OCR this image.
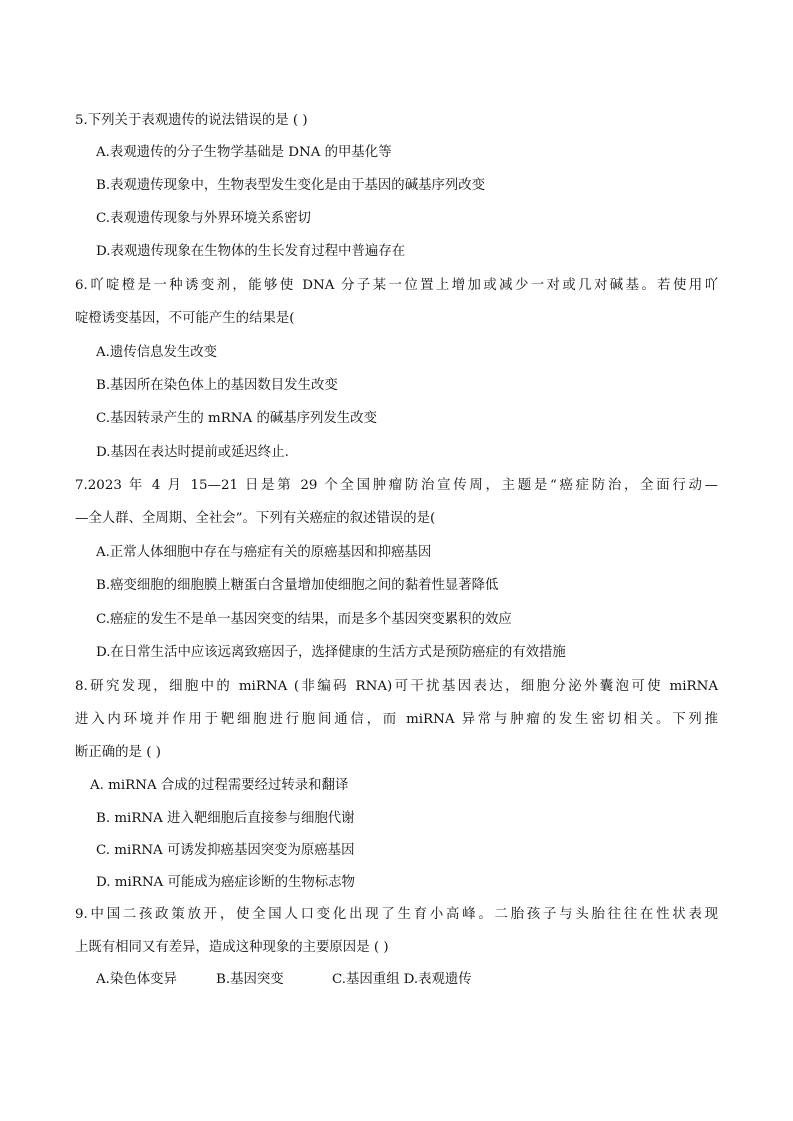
5.下列关于表观遗传的说法错误的是 ( )
A.表观遗传的分子生物学基础是 DNA 的甲基化等
B.表观遗传现象中，生物表型发生变化是由于基因的碱基序列改变
C.表观遗传现象与外界环境关系密切
D.表观遗传现象在生物体的生长发育过程中普遍存在
6.吖啶橙是一种诱变剂，能够使 DNA 分子某一位置上增加或减少一对或几对碱基。若使用吖
啶橙诱变基因，不可能产生的结果是(
A.遗传信息发生改变
B.基因所在染色体上的基因数目发生改变
C.基因转录产生的 mRNA 的碱基序列发生改变
D.基因在表达时提前或延迟终止.
7.2023 年 4 月 15—21 日是第 29 个全国肿瘤防治宣传周，主题是“癌症防治，全面行动—
—全人群、全周期、全社会”。下列有关癌症的叙述错误的是(
A.正常人体细胞中存在与癌症有关的原癌基因和抑癌基因
B.癌变细胞的细胞膜上糖蛋白含量增加使细胞之间的黏着性显著降低
C.癌症的发生不是单一基因突变的结果，而是多个基因突变累积的效应
D.在日常生活中应该远离致癌因子，选择健康的生活方式是预防癌症的有效措施
8.研究发现，细胞中的 miRNA (非编码 RNA)可干扰基因表达，细胞分泌外囊泡可使 miRNA
进入内环境并作用于靶细胞进行胞间通信，而 miRNA 异常与肿瘤的发生密切相关。下列推
断正确的是 ( )
A. miRNA 合成的过程需要经过转录和翻译
B. miRNA 进入靶细胞后直接参与细胞代谢
C. miRNA 可诱发抑癌基因突变为原癌基因
D. miRNA 可能成为癌症诊断的生物标志物
9.中国二孩政策放开，使全国人口变化出现了生育小高峰。二胎孩子与头胎往往在性状表现
上既有相同又有差异，造成这种现象的主要原因是 ( )
A.染色体变异	B.基因突变	C.基因重组 D.表观遗传
